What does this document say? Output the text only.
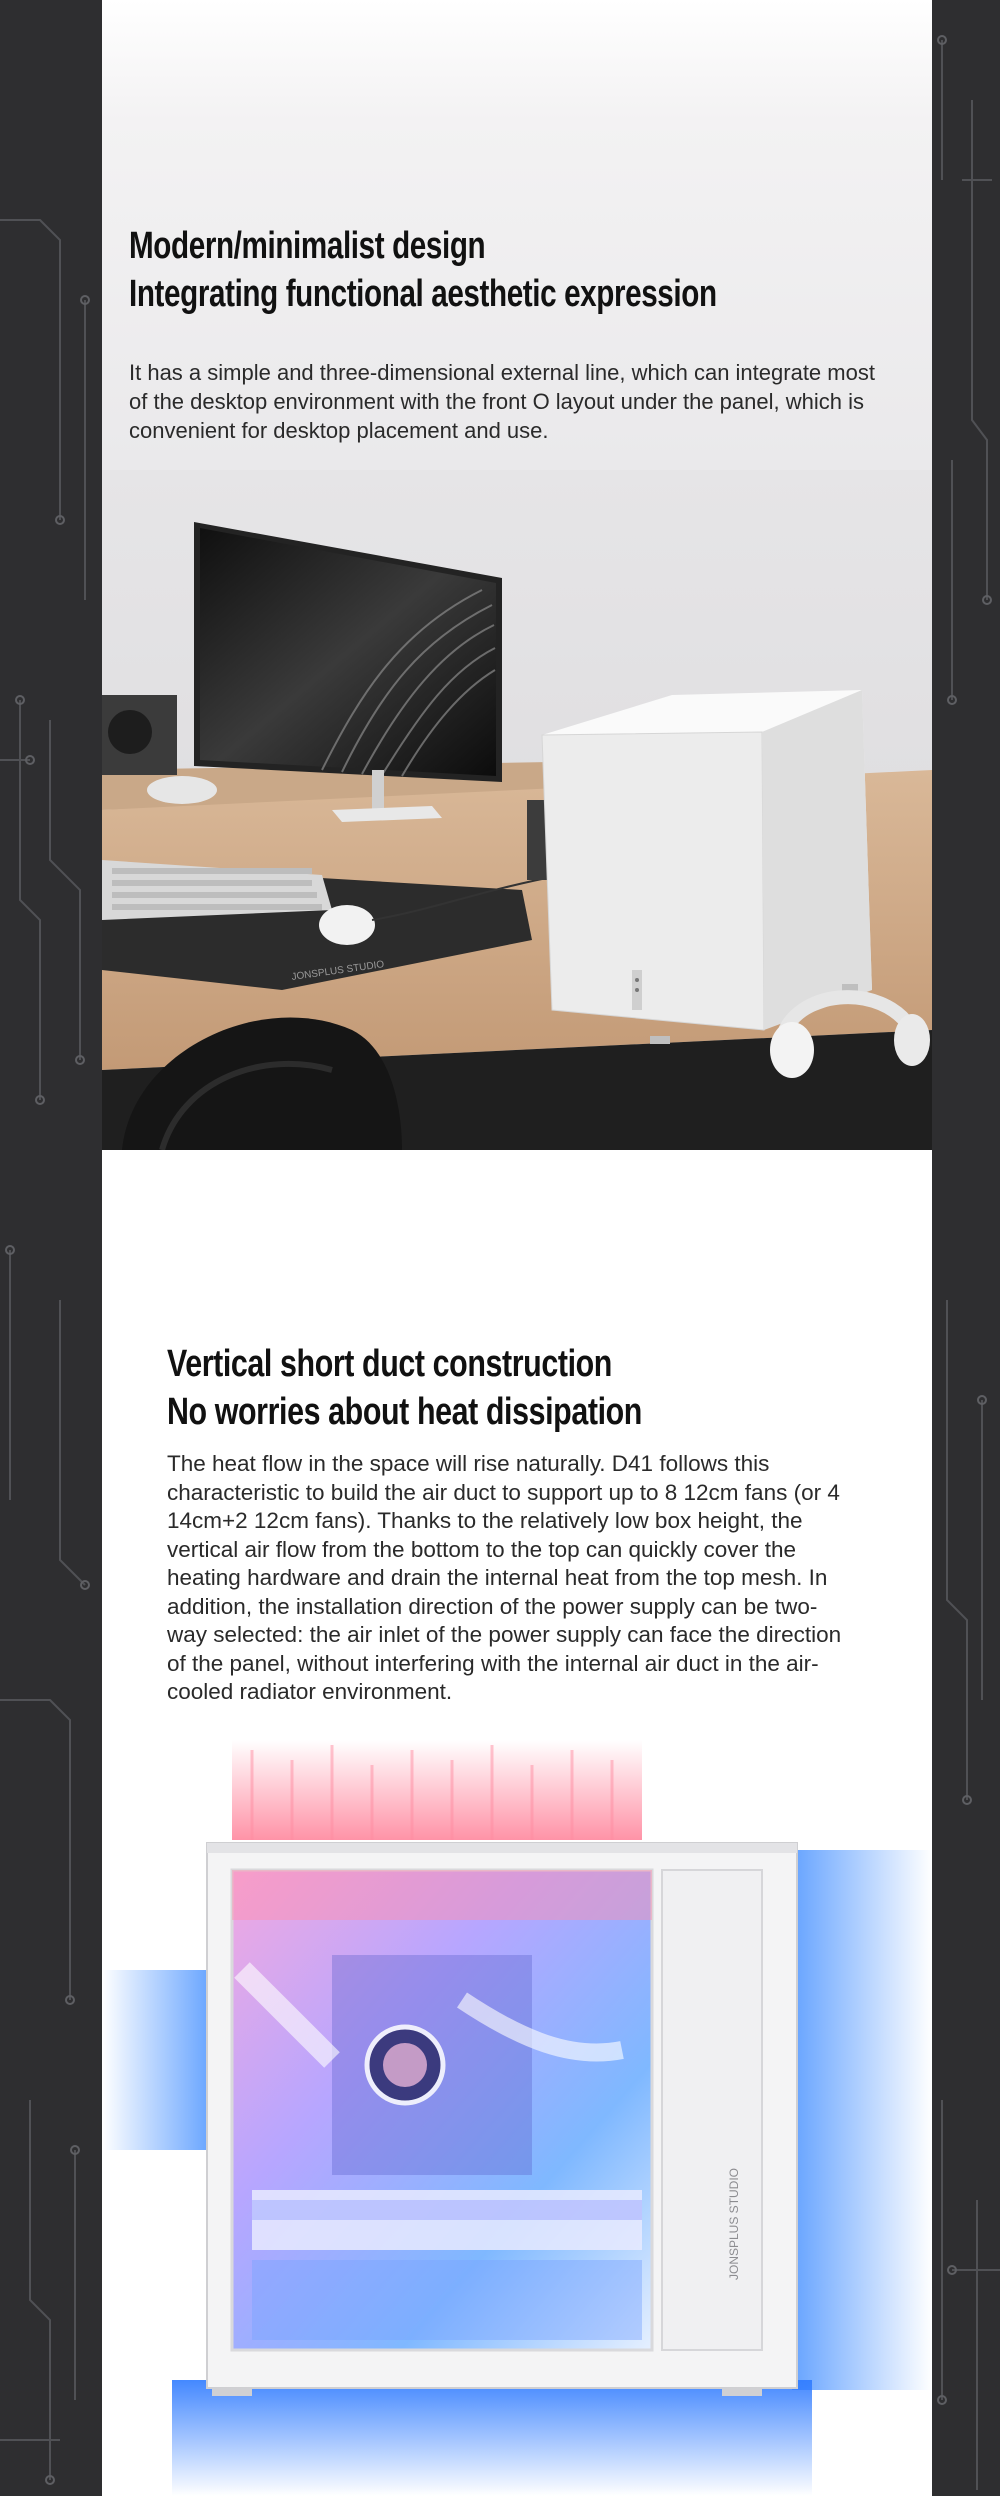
Modern/minimalist design
Integrating functional aesthetic expression
It has a simple and three-dimensional external line, which can integrate most of the desktop environment with the front O layout under the panel, which is convenient for desktop placement and use.
JONSPLUS STUDIO
Vertical short duct construction
No worries about heat dissipation
The heat flow in the space will rise naturally. D41 follows this characteristic to build the air duct to support up to 8 12cm fans (or 4 14cm+2 12cm fans). Thanks to the relatively low box height, the vertical air flow from the bottom to the top can quickly cover the heating hardware and drain the internal heat from the top mesh. In addition, the installation direction of the power supply can be two-way selected: the air inlet of the power supply can face the direction of the panel, without interfering with the internal air duct in the air-cooled radiator environment.
JONSPLUS STUDIO
